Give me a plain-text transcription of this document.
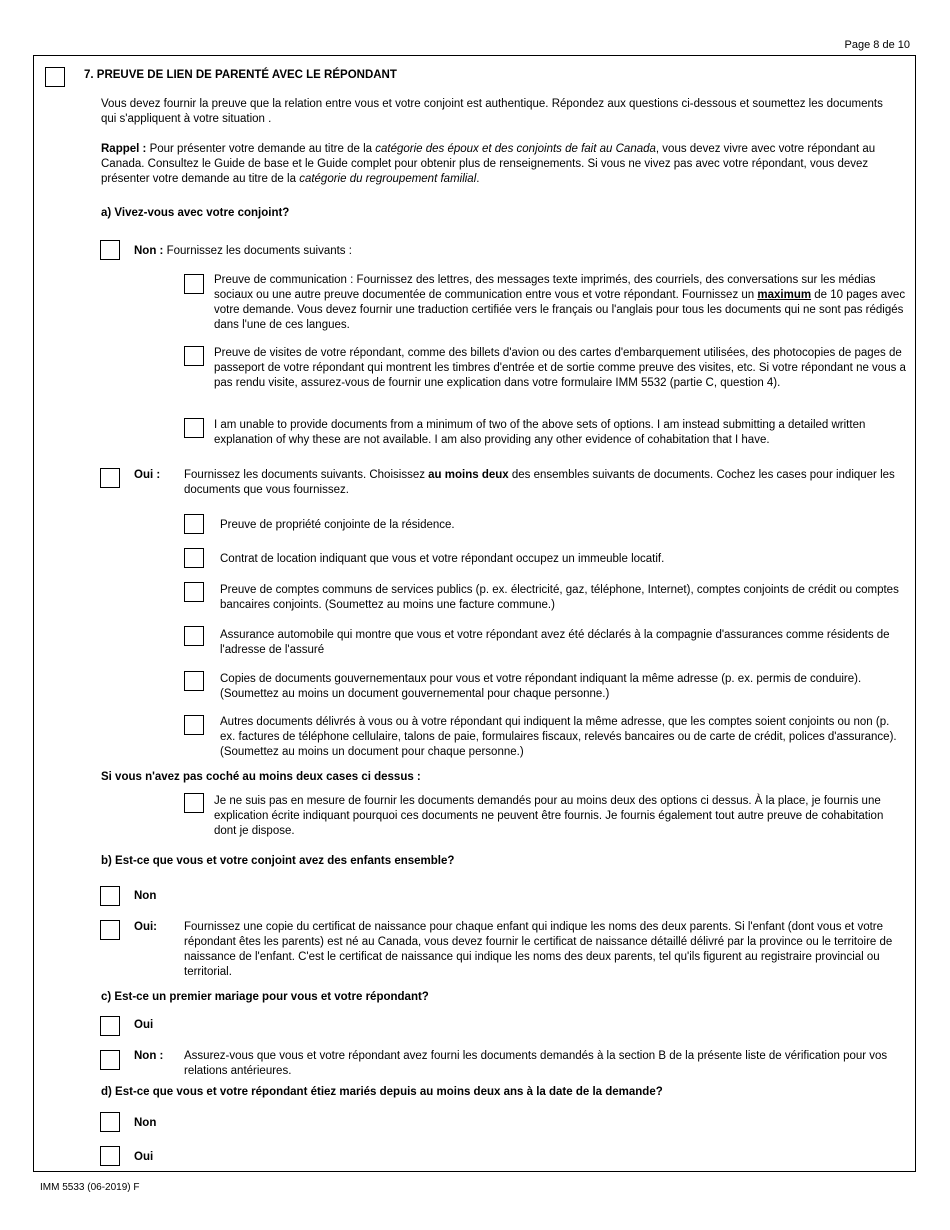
Page 8 de 10
7. PREUVE DE LIEN DE PARENTÉ AVEC LE RÉPONDANT
Vous devez fournir la preuve que la relation entre vous et votre conjoint est authentique. Répondez aux questions ci-dessous et soumettez les documents qui s'appliquent à votre situation .
Rappel : Pour présenter votre demande au titre de la catégorie des époux et des conjoints de fait au Canada, vous devez vivre avec votre répondant au Canada. Consultez le Guide de base et le Guide complet pour obtenir plus de renseignements. Si vous ne vivez pas avec votre répondant, vous devez présenter votre demande au titre de la catégorie du regroupement familial.
a) Vivez-vous avec votre conjoint?
Non : Fournissez les documents suivants :
Preuve de communication : Fournissez des lettres, des messages texte imprimés, des courriels, des conversations sur les médias sociaux ou une autre preuve documentée de communication entre vous et votre répondant. Fournissez un maximum de 10 pages avec votre demande. Vous devez fournir une traduction certifiée vers le français ou l'anglais pour tous les documents qui ne sont pas rédigés dans l'une de ces langues.
Preuve de visites de votre répondant, comme des billets d'avion ou des cartes d'embarquement utilisées, des photocopies de pages de passeport de votre répondant qui montrent les timbres d'entrée et de sortie comme preuve des visites, etc. Si votre répondant ne vous a pas rendu visite, assurez-vous de fournir une explication dans votre formulaire IMM 5532 (partie C, question 4).
I am unable to provide documents from a minimum of two of the above sets of options. I am instead submitting a detailed written explanation of why these are not available. I am also providing any other evidence of cohabitation that I have.
Oui : Fournissez les documents suivants. Choisissez au moins deux des ensembles suivants de documents. Cochez les cases pour indiquer les documents que vous fournissez.
Preuve de propriété conjointe de la résidence.
Contrat de location indiquant que vous et votre répondant occupez un immeuble locatif.
Preuve de comptes communs de services publics (p. ex. électricité, gaz, téléphone, Internet), comptes conjoints de crédit ou comptes bancaires conjoints. (Soumettez au moins une facture commune.)
Assurance automobile qui montre que vous et votre répondant avez été déclarés à la compagnie d'assurances comme résidents de l'adresse de l'assuré
Copies de documents gouvernementaux pour vous et votre répondant indiquant la même adresse (p. ex. permis de conduire). (Soumettez au moins un document gouvernemental pour chaque personne.)
Autres documents délivrés à vous ou à votre répondant qui indiquent la même adresse, que les comptes soient conjoints ou non (p. ex. factures de téléphone cellulaire, talons de paie, formulaires fiscaux, relevés bancaires ou de carte de crédit, polices d'assurance). (Soumettez au moins un document pour chaque personne.)
Si vous n'avez pas coché au moins deux cases ci dessus :
Je ne suis pas en mesure de fournir les documents demandés pour au moins deux des options ci dessus. À la place, je fournis une explication écrite indiquant pourquoi ces documents ne peuvent être fournis. Je fournis également tout autre preuve de cohabitation dont je dispose.
b) Est-ce que vous et votre conjoint avez des enfants ensemble?
Non
Oui: Fournissez une copie du certificat de naissance pour chaque enfant qui indique les noms des deux parents. Si l'enfant (dont vous et votre répondant êtes les parents) est né au Canada, vous devez fournir le certificat de naissance détaillé délivré par la province ou le territoire de naissance de l'enfant. C'est le certificat de naissance qui indique les noms des deux parents, tel qu'ils figurent au registraire provincial ou territorial.
c) Est-ce un premier mariage pour vous et votre répondant?
Oui
Non : Assurez-vous que vous et votre répondant avez fourni les documents demandés à la section B de la présente liste de vérification pour vos relations antérieures.
d) Est-ce que vous et votre répondant étiez mariés depuis au moins deux ans à la date de la demande?
Non
Oui
IMM 5533 (06-2019) F
